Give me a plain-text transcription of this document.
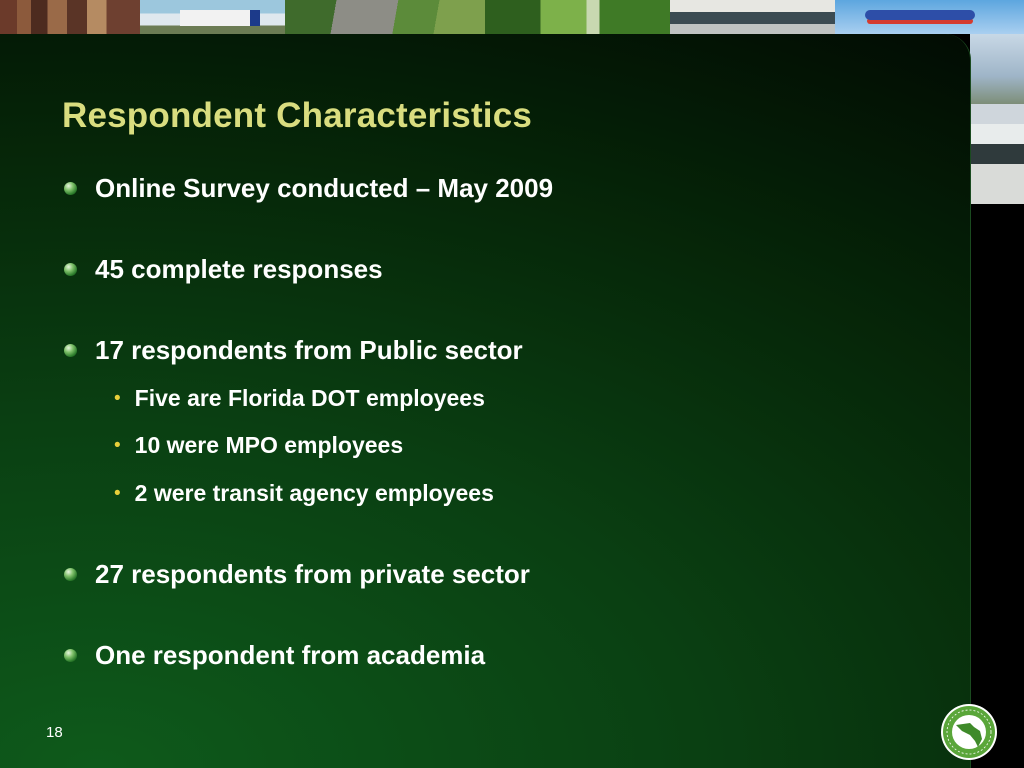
Respondent Characteristics
Online Survey conducted – May 2009
45 complete responses
17 respondents from Public sector
• Five are Florida DOT employees
• 10 were MPO employees
• 2 were transit agency employees
27 respondents from private sector
One respondent from academia
18
